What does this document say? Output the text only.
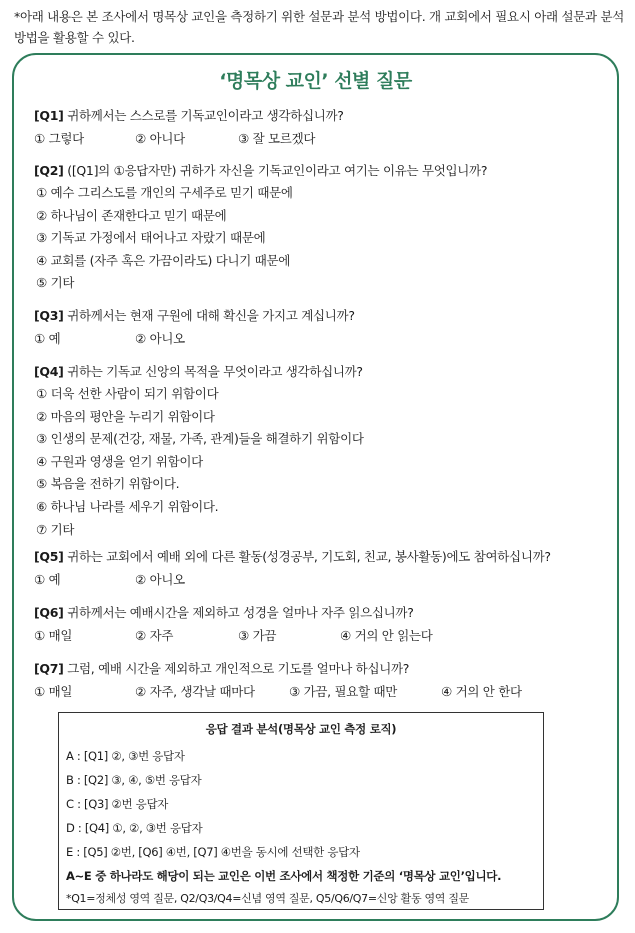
*아래 내용은 본 조사에서 명목상 교인을 측정하기 위한 설문과 분석 방법이다. 개 교회에서 필요시 아래 설문과 분석 방법을 활용할 수 있다.
‘명목상 교인’ 선별 질문
[Q1] 귀하께서는 스스로를 기독교인이라고 생각하십니까?
① 그렇다	② 아니다	③ 잘 모르겠다
[Q2] ([Q1]의 ①응답자만) 귀하가 자신을 기독교인이라고 여기는 이유는 무엇입니까?
① 예수 그리스도를 개인의 구세주로 믿기 때문에
② 하나님이 존재한다고 믿기 때문에
③ 기독교 가정에서 태어나고 자랐기 때문에
④ 교회를 (자주 혹은 가끔이라도) 다니기 때문에
⑤ 기타
[Q3] 귀하께서는 현재 구원에 대해 확신을 가지고 계십니까?
① 예	② 아니오
[Q4] 귀하는 기독교 신앙의 목적을 무엇이라고 생각하십니까?
① 더욱 선한 사람이 되기 위함이다
② 마음의 평안을 누리기 위함이다
③ 인생의 문제(건강, 재물, 가족, 관계)들을 해결하기 위함이다
④ 구원과 영생을 얻기 위함이다
⑤ 복음을 전하기 위함이다.
⑥ 하나님 나라를 세우기 위함이다.
⑦ 기타
[Q5] 귀하는 교회에서 예배 외에 다른 활동(성경공부, 기도회, 친교, 봉사활동)에도 참여하십니까?
① 예	② 아니오
[Q6] 귀하께서는 예배시간을 제외하고 성경을 얼마나 자주 읽으십니까?
① 매일	② 자주	③ 가끔	④ 거의 안 읽는다
[Q7] 그럼, 예배 시간을 제외하고 개인적으로 기도를 얼마나 하십니까?
① 매일	② 자주, 생각날 때마다	③ 가끔, 필요할 때만	④ 거의 안 한다
응답 결과 분석(명목상 교인 측정 로직)
A : [Q1] ②, ③번 응답자
B : [Q2] ③, ④, ⑤번 응답자
C : [Q3] ②번 응답자
D : [Q4] ①, ②, ③번 응답자
E : [Q5] ②번, [Q6] ④번, [Q7] ④번을 동시에 선택한 응답자
A~E 중 하나라도 해당이 되는 교인은 이번 조사에서 책정한 기준의 ‘명목상 교인’입니다.
*Q1=정체성 영역 질문, Q2/Q3/Q4=신념 영역 질문, Q5/Q6/Q7=신앙 활동 영역 질문
